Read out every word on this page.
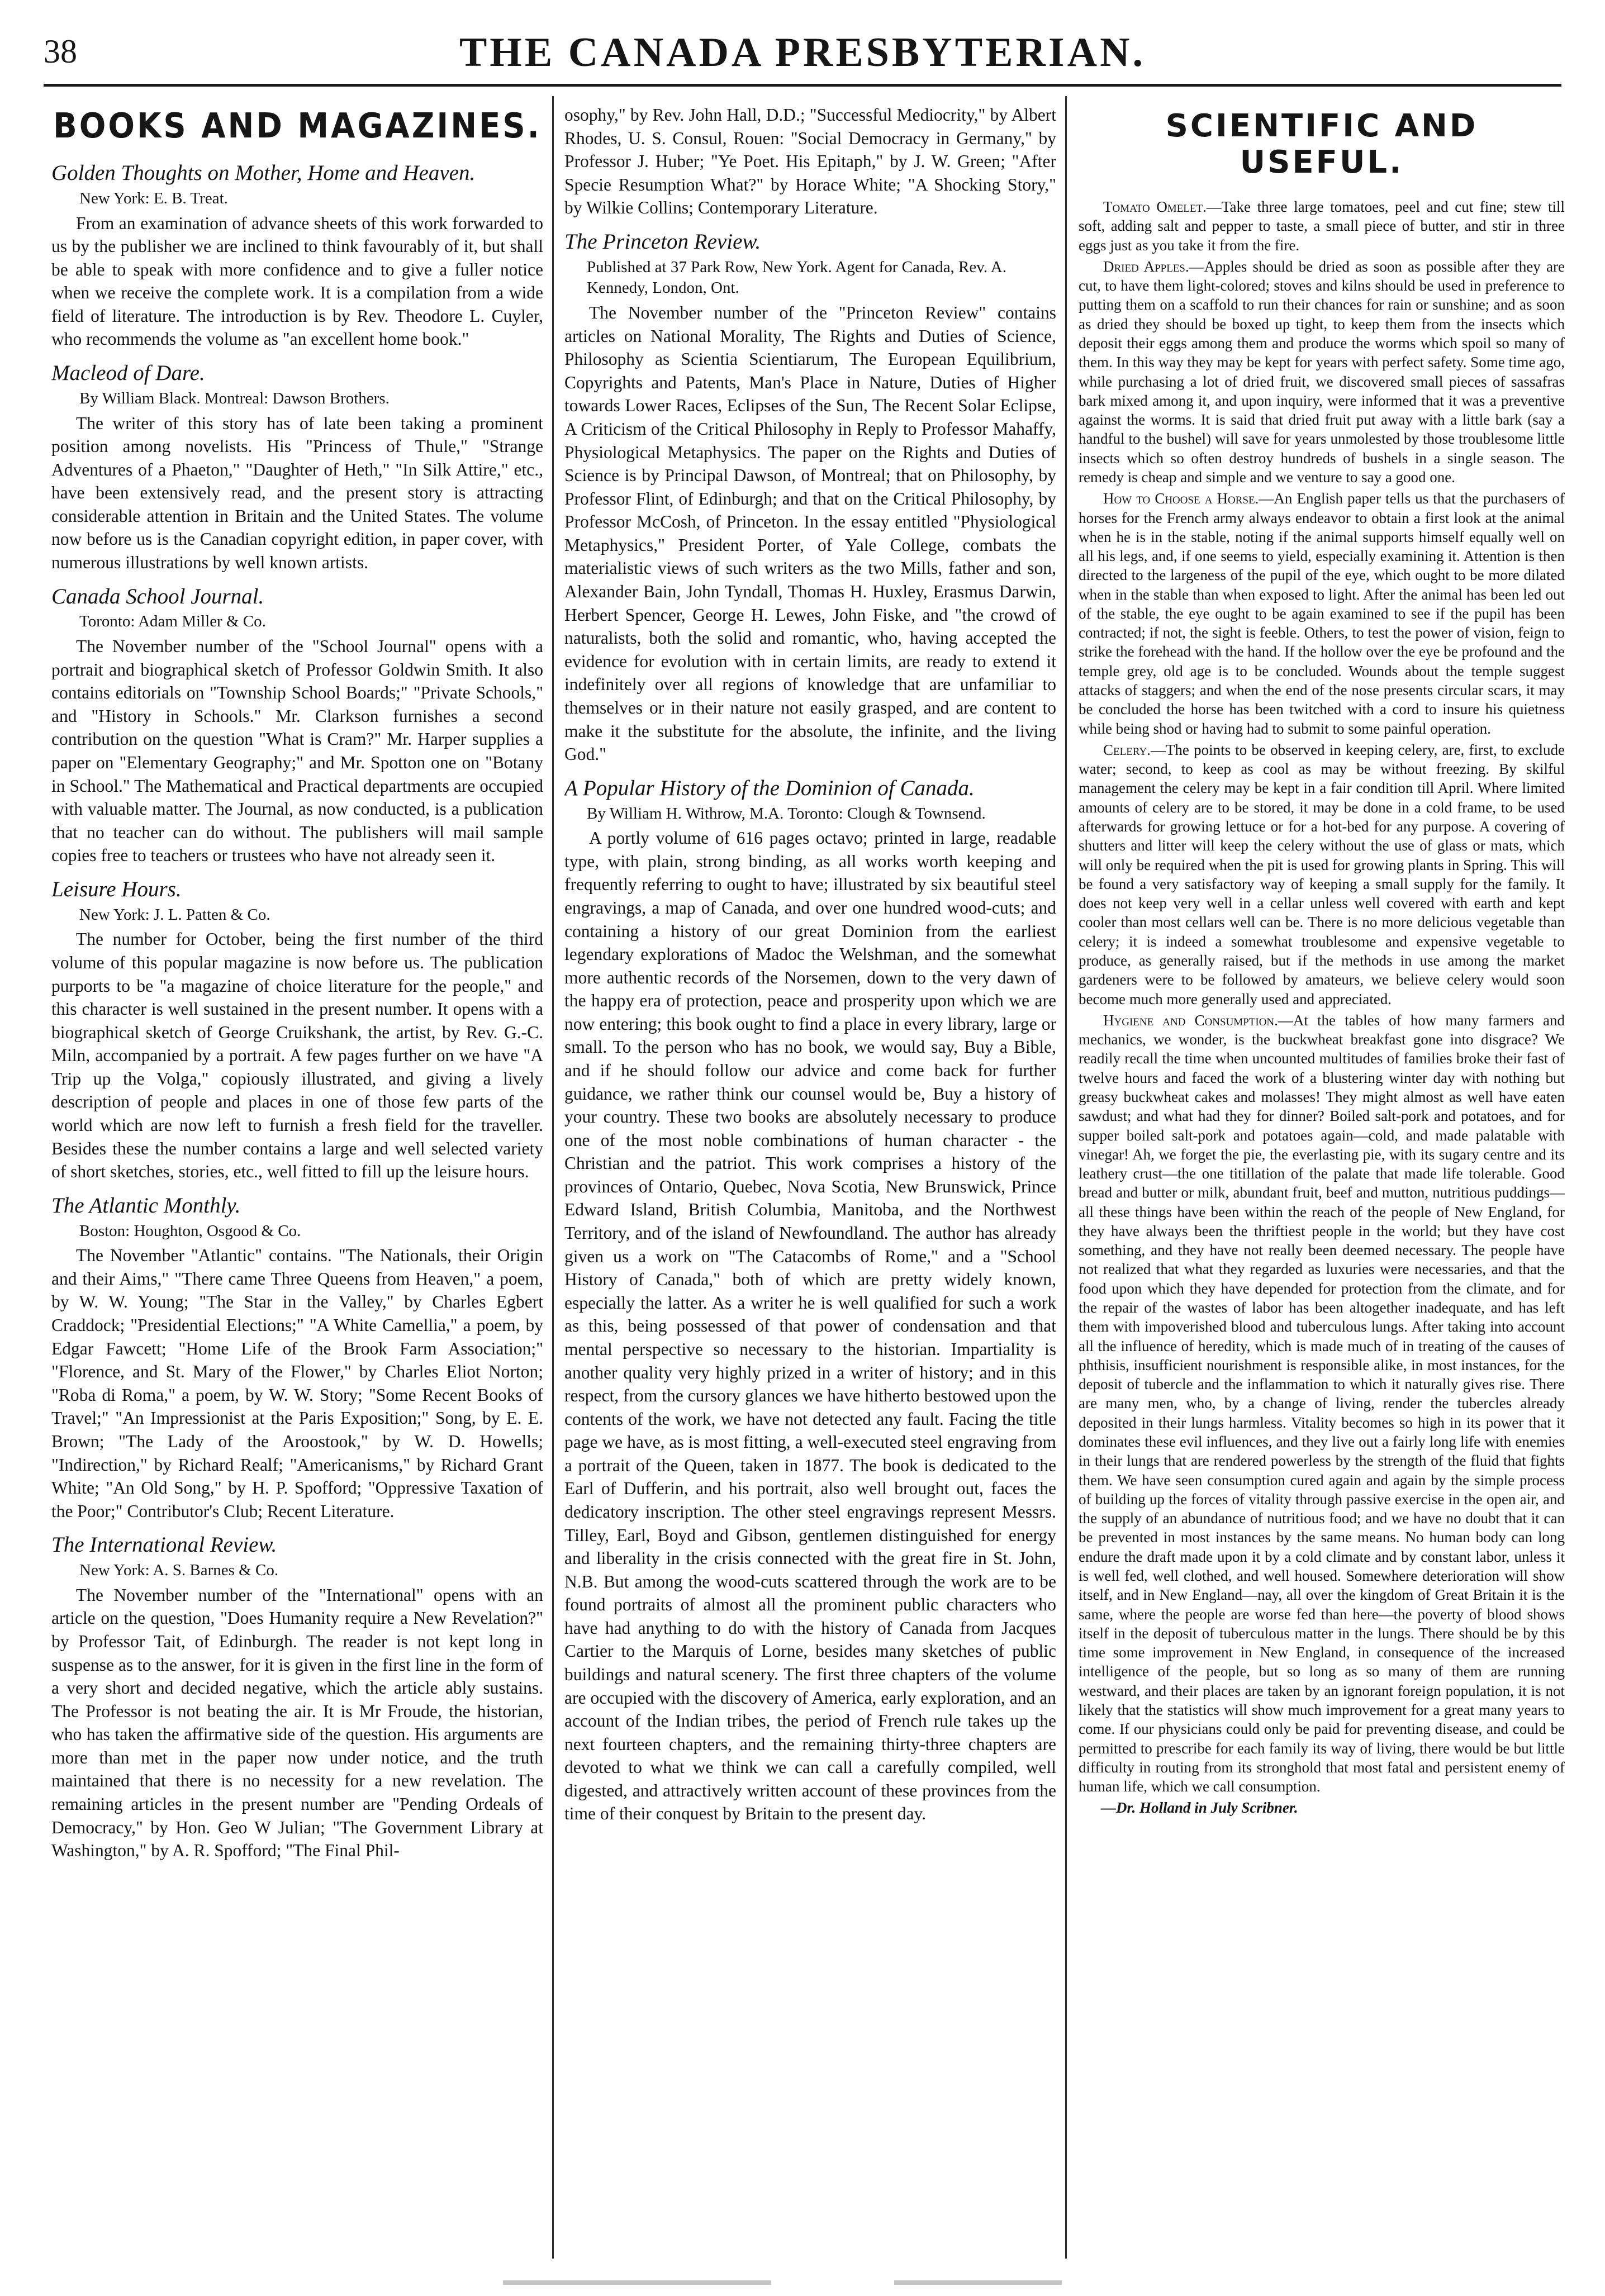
38	THE CANADA PRESBYTERIAN.
BOOKS AND MAGAZINES.
Golden Thoughts on Mother, Home and Heaven.
New York: E. B. Treat.

From an examination of advance sheets of this work forwarded to us by the publisher we are inclined to think favourably of it, but shall be able to speak with more confidence and to give a fuller notice when we receive the complete work. It is a compilation from a wide field of literature. The introduction is by Rev. Theodore L. Cuyler, who recommends the volume as "an excellent home book."

Macleod of Dare.
By William Black. Montreal: Dawson Brothers.

The writer of this story has of late been taking a prominent position among novelists. His "Princess of Thule," "Strange Adventures of a Phaeton," "Daughter of Heth," "In Silk Attire," etc., have been extensively read, and the present story is attracting considerable attention in Britain and the United States. The volume now before us is the Canadian copyright edition, in paper cover, with numerous illustrations by well known artists.

Canada School Journal.
Toronto: Adam Miller & Co.

The November number of the "School Journal" opens with a portrait and biographical sketch of Professor Goldwin Smith. It also contains editorials on "Township School Boards;" "Private Schools," and "History in Schools." Mr. Clarkson furnishes a second contribution on the question "What is Cram?" Mr. Harper supplies a paper on "Elementary Geography;" and Mr. Spotton one on "Botany in School." The Mathematical and Practical departments are occupied with valuable matter. The Journal, as now conducted, is a publication that no teacher can do without. The publishers will mail sample copies free to teachers or trustees who have not already seen it.

Leisure Hours.
New York: J. L. Patten & Co.

The number for October, being the first number of the third volume of this popular magazine is now before us. The publication purports to be "a magazine of choice literature for the people," and this character is well sustained in the present number. It opens with a biographical sketch of George Cruikshank, the artist, by Rev. G.-C. Miln, accompanied by a portrait. A few pages further on we have "A Trip up the Volga," copiously illustrated, and giving a lively description of people and places in one of those few parts of the world which are now left to furnish a fresh field for the traveller. Besides these the number contains a large and well selected variety of short sketches, stories, etc., well fitted to fill up the leisure hours.

The Atlantic Monthly.
Boston: Houghton, Osgood & Co.

The November "Atlantic" contains. "The Nationals, their Origin and their Aims," "There came Three Queens from Heaven," a poem, by W. W. Young; "The Star in the Valley," by Charles Egbert Craddock; "Presidential Elections;" "A White Camellia," a poem, by Edgar Fawcett; "Home Life of the Brook Farm Association;" "Florence, and St. Mary of the Flower," by Charles Eliot Norton; "Roba di Roma," a poem, by W. W. Story; "Some Recent Books of Travel;" "An Impressionist at the Paris Exposition;" Song, by E. E. Brown; "The Lady of the Aroostook," by W. D. Howells; "Indirection," by Richard Realf; "Americanisms," by Richard Grant White; "An Old Song," by H. P. Spofford; "Oppressive Taxation of the Poor;" Contributor's Club; Recent Literature.

The International Review.
New York: A. S. Barnes & Co.

The November number of the "International" opens with an article on the question, "Does Humanity require a New Revelation?" by Professor Tait, of Edinburgh. The reader is not kept long in suspense as to the answer, for it is given in the first line in the form of a very short and decided negative, which the article ably sustains. The Professor is not beating the air. It is Mr Froude, the historian, who has taken the affirmative side of the question. His arguments are more than met in the paper now under notice, and the truth maintained that there is no necessity for a new revelation. The remaining articles in the present number are "Pending Ordeals of Democracy," by Hon. Geo W Julian; "The Government Library at Washington," by A. R. Spofford; "The Final Phil-

osophy," by Rev. John Hall, D.D.; "Successful Mediocrity," by Albert Rhodes, U. S. Consul, Rouen: "Social Democracy in Germany," by Professor J. Huber; "Ye Poet. His Epitaph," by J. W. Green; "After Specie Resumption What?" by Horace White; "A Shocking Story," by Wilkie Collins; Contemporary Literature.

The Princeton Review.
Published at 37 Park Row, New York. Agent for Canada, Rev. A. Kennedy, London, Ont.

The November number of the "Princeton Review" contains articles on National Morality, The Rights and Duties of Science, Philosophy as Scientia Scientiarum, The European Equilibrium, Copyrights and Patents, Man's Place in Nature, Duties of Higher towards Lower Races, Eclipses of the Sun, The Recent Solar Eclipse, A Criticism of the Critical Philosophy in Reply to Professor Mahaffy, Physiological Metaphysics. The paper on the Rights and Duties of Science is by Principal Dawson, of Montreal; that on Philosophy, by Professor Flint, of Edinburgh; and that on the Critical Philosophy, by Professor McCosh, of Princeton. In the essay entitled "Physiological Metaphysics," President Porter, of Yale College, combats the materialistic views of such writers as the two Mills, father and son, Alexander Bain, John Tyndall, Thomas H. Huxley, Erasmus Darwin, Herbert Spencer, George H. Lewes, John Fiske, and "the crowd of naturalists, both the solid and romantic, who, having accepted the evidence for evolution with in certain limits, are ready to extend it indefinitely over all regions of knowledge that are unfamiliar to themselves or in their nature not easily grasped, and are content to make it the substitute for the absolute, the infinite, and the living God."

A Popular History of the Dominion of Canada.
By William H. Withrow, M.A. Toronto: Clough & Townsend.

A portly volume of 616 pages octavo; printed in large, readable type, with plain, strong binding, as all works worth keeping and frequently referring to ought to have; illustrated by six beautiful steel engravings, a map of Canada, and over one hundred wood-cuts; and containing a history of our great Dominion from the earliest legendary explorations of Madoc the Welshman, and the somewhat more authentic records of the Norsemen, down to the very dawn of the happy era of protection, peace and prosperity upon which we are now entering; this book ought to find a place in every library, large or small. To the person who has no book, we would say, Buy a Bible, and if he should follow our advice and come back for further guidance, we rather think our counsel would be, Buy a history of your country. These two books are absolutely necessary to produce one of the most noble combinations of human character - the Christian and the patriot. This work comprises a history of the provinces of Ontario, Quebec, Nova Scotia, New Brunswick, Prince Edward Island, British Columbia, Manitoba, and the Northwest Territory, and of the island of Newfoundland. The author has already given us a work on "The Catacombs of Rome," and a "School History of Canada," both of which are pretty widely known, especially the latter. As a writer he is well qualified for such a work as this, being possessed of that power of condensation and that mental perspective so necessary to the historian. Impartiality is another quality very highly prized in a writer of history; and in this respect, from the cursory glances we have hitherto bestowed upon the contents of the work, we have not detected any fault. Facing the title page we have, as is most fitting, a well-executed steel engraving from a portrait of the Queen, taken in 1877. The book is dedicated to the Earl of Dufferin, and his portrait, also well brought out, faces the dedicatory inscription. The other steel engravings represent Messrs. Tilley, Earl, Boyd and Gibson, gentlemen distinguished for energy and liberality in the crisis connected with the great fire in St. John, N.B. But among the wood-cuts scattered through the work are to be found portraits of almost all the prominent public characters who have had anything to do with the history of Canada from Jacques Cartier to the Marquis of Lorne, besides many sketches of public buildings and natural scenery. The first three chapters of the volume are occupied with the discovery of America, early exploration, and an account of the Indian tribes, the period of French rule takes up the next fourteen chapters, and the remaining thirty-three chapters are devoted to what we think we can call a carefully compiled, well digested, and attractively written account of these provinces from the time of their conquest by Britain to the present day.

SCIENTIFIC AND USEFUL.

Tomato Omelet.—Take three large tomatoes, peel and cut fine; stew till soft, adding salt and pepper to taste, a small piece of butter, and stir in three eggs just as you take it from the fire.

Dried Apples.—Apples should be dried as soon as possible after they are cut, to have them light-colored; stoves and kilns should be used in preference to putting them on a scaffold to run their chances for rain or sunshine; and as soon as dried they should be boxed up tight, to keep them from the insects which deposit their eggs among them and produce the worms which spoil so many of them. In this way they may be kept for years with perfect safety. Some time ago, while purchasing a lot of dried fruit, we discovered small pieces of sassafras bark mixed among it, and upon inquiry, were informed that it was a preventive against the worms. It is said that dried fruit put away with a little bark (say a handful to the bushel) will save for years unmolested by those troublesome little insects which so often destroy hundreds of bushels in a single season. The remedy is cheap and simple and we venture to say a good one.

How to Choose a Horse.—An English paper tells us that the purchasers of horses for the French army always endeavor to obtain a first look at the animal when he is in the stable, noting if the animal supports himself equally well on all his legs, and, if one seems to yield, especially examining it. Attention is then directed to the largeness of the pupil of the eye, which ought to be more dilated when in the stable than when exposed to light. After the animal has been led out of the stable, the eye ought to be again examined to see if the pupil has been contracted; if not, the sight is feeble. Others, to test the power of vision, feign to strike the forehead with the hand. If the hollow over the eye be profound and the temple grey, old age is to be concluded. Wounds about the temple suggest attacks of staggers; and when the end of the nose presents circular scars, it may be concluded the horse has been twitched with a cord to insure his quietness while being shod or having had to submit to some painful operation.

Celery.—The points to be observed in keeping celery, are, first, to exclude water; second, to keep as cool as may be without freezing. By skilful management the celery may be kept in a fair condition till April. Where limited amounts of celery are to be stored, it may be done in a cold frame, to be used afterwards for growing lettuce or for a hot-bed for any purpose. A covering of shutters and litter will keep the celery without the use of glass or mats, which will only be required when the pit is used for growing plants in Spring. This will be found a very satisfactory way of keeping a small supply for the family. It does not keep very well in a cellar unless well covered with earth and kept cooler than most cellars well can be. There is no more delicious vegetable than celery; it is indeed a somewhat troublesome and expensive vegetable to produce, as generally raised, but if the methods in use among the market gardeners were to be followed by amateurs, we believe celery would soon become much more generally used and appreciated.

Hygiene and Consumption.—At the tables of how many farmers and mechanics, we wonder, is the buckwheat breakfast gone into disgrace? We readily recall the time when uncounted multitudes of families broke their fast of twelve hours and faced the work of a blustering winter day with nothing but greasy buckwheat cakes and molasses! They might almost as well have eaten sawdust; and what had they for dinner? Boiled salt-pork and potatoes, and for supper boiled salt-pork and potatoes again—cold, and made palatable with vinegar! Ah, we forget the pie, the everlasting pie, with its sugary centre and its leathery crust—the one titillation of the palate that made life tolerable. Good bread and butter or milk, abundant fruit, beef and mutton, nutritious puddings—all these things have been within the reach of the people of New England, for they have always been the thriftiest people in the world; but they have cost something, and they have not really been deemed necessary. The people have not realized that what they regarded as luxuries were necessaries, and that the food upon which they have depended for protection from the climate, and for the repair of the wastes of labor has been altogether inadequate, and has left them with impoverished blood and tuberculous lungs. After taking into account all the influence of heredity, which is made much of in treating of the causes of phthisis, insufficient nourishment is responsible alike, in most instances, for the deposit of tubercle and the inflammation to which it naturally gives rise. There are many men, who, by a change of living, render the tubercles already deposited in their lungs harmless. Vitality becomes so high in its power that it dominates these evil influences, and they live out a fairly long life with enemies in their lungs that are rendered powerless by the strength of the fluid that fights them. We have seen consumption cured again and again by the simple process of building up the forces of vitality through passive exercise in the open air, and the supply of an abundance of nutritious food; and we have no doubt that it can be prevented in most instances by the same means. No human body can long endure the draft made upon it by a cold climate and by constant labor, unless it is well fed, well clothed, and well housed. Somewhere deterioration will show itself, and in New England—nay, all over the kingdom of Great Britain it is the same, where the people are worse fed than here—the poverty of blood shows itself in the deposit of tuberculous matter in the lungs. There should be by this time some improvement in New England, in consequence of the increased intelligence of the people, but so long as so many of them are running westward, and their places are taken by an ignorant foreign population, it is not likely that the statistics will show much improvement for a great many years to come. If our physicians could only be paid for preventing disease, and could be permitted to prescribe for each family its way of living, there would be but little difficulty in routing from its stronghold that most fatal and persistent enemy of human life, which we call consumption.

—Dr. Holland in July Scribner.
